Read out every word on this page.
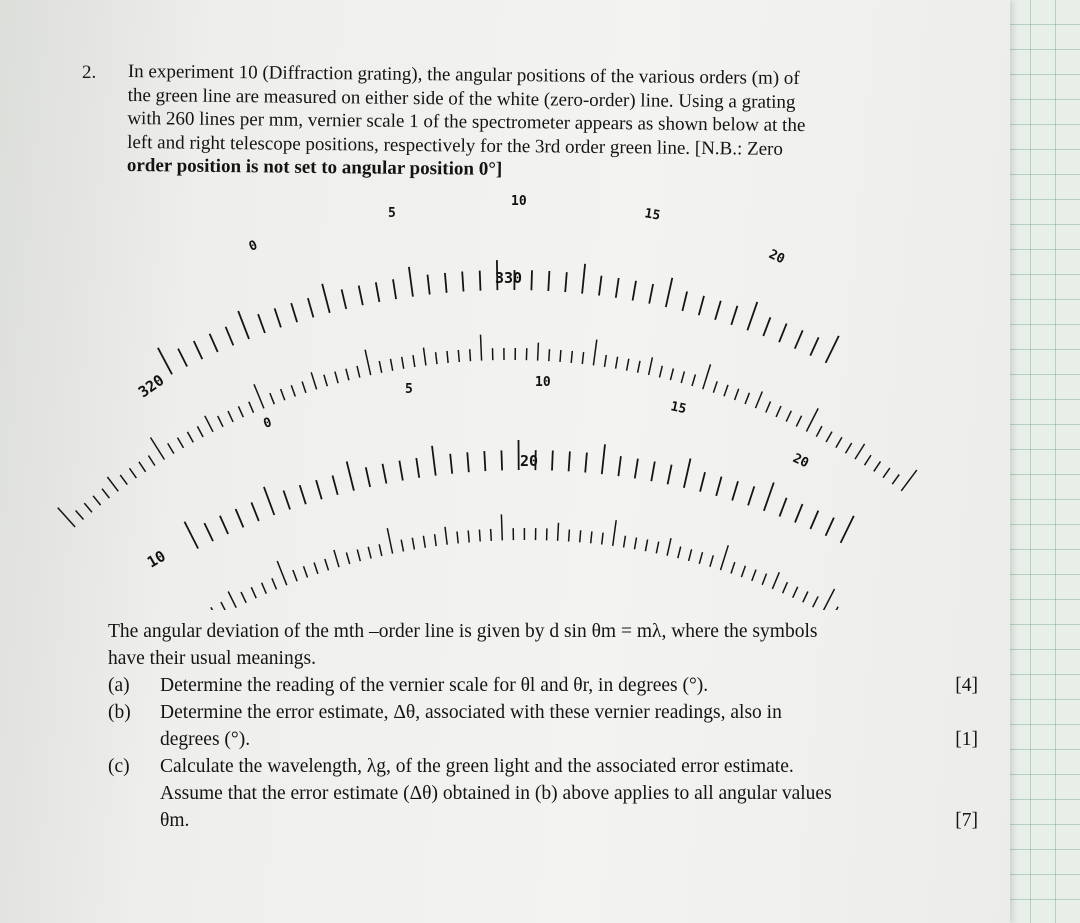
2. In experiment 10 (Diffraction grating), the angular positions of the various orders (m) of
the green line are measured on either side of the white (zero-order) line. Using a grating
with 260 lines per mm, vernier scale 1 of the spectrometer appears as shown below at the
left and right telescope positions, respectively for the 3rd order green line. [N.B.: Zero
order position is not set to angular position 0°]
320
330
0
5
10
15
20
10
20
0
5	10
15
20
The angular deviation of the mth –order line is given by d sin θm = mλ, where the symbols
have their usual meanings.
(a) Determine the reading of the vernier scale for θl and θr, in degrees (°).	[4]
(b) Determine the error estimate, Δθ, associated with these vernier readings, also in
degrees (°).	[1]
(c) Calculate the wavelength, λg, of the green light and the associated error estimate.
Assume that the error estimate (Δθ) obtained in (b) above applies to all angular values
θm.	[7]
